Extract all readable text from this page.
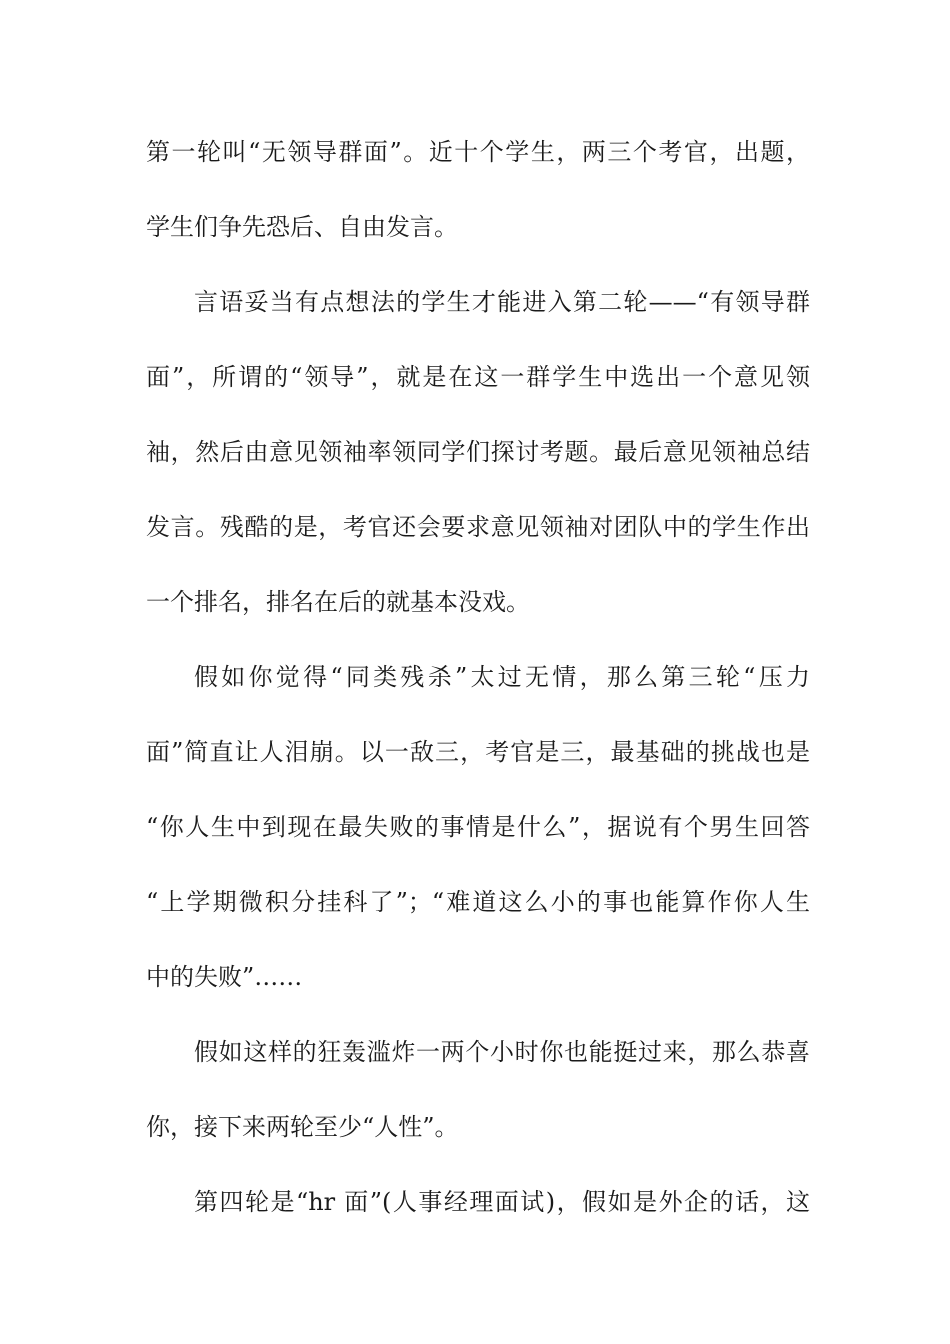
第一轮叫“无领导群面”。近十个学生，两三个考官，出题，
学生们争先恐后、自由发言。
言语妥当有点想法的学生才能进入第二轮——“有领导群
面”，所谓的“领导”，就是在这一群学生中选出一个意见领
袖，然后由意见领袖率领同学们探讨考题。最后意见领袖总结
发言。残酷的是，考官还会要求意见领袖对团队中的学生作出
一个排名，排名在后的就基本没戏。
假如你觉得“同类残杀”太过无情，那么第三轮“压力
面”简直让人泪崩。以一敌三，考官是三，最基础的挑战也是
“你人生中到现在最失败的事情是什么”，据说有个男生回答
“上学期微积分挂科了”；“难道这么小的事也能算作你人生
中的失败”……
假如这样的狂轰滥炸一两个小时你也能挺过来，那么恭喜
你，接下来两轮至少“人性”。
第四轮是“hr 面”(人事经理面试)，假如是外企的话，这
